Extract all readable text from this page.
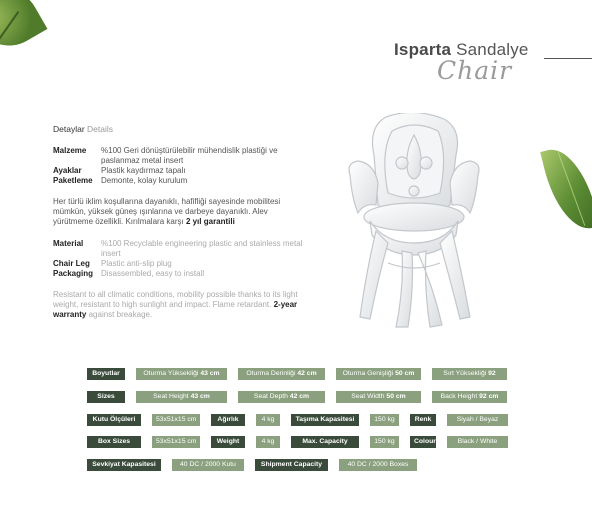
Isparta Sandalye
Chair
Detaylar Details
Malzeme	%100 Geri dönüştürülebilir mühendislik plastiği ve paslanmaz metal insert
Ayaklar	Plastik kaydırmaz tapalı
Paketleme	Demonte, kolay kurulum
Her türlü iklim koşullarına dayanıklı, hafifliği sayesinde mobilitesi mümkün, yüksek güneş ışınlarına ve darbeye dayanıklı. Alev yürütmeme özellikli. Kırılmalara karşı 2 yıl garantili
Material	%100 Recyclable engineering plastic and stainless metal insert
Chair Leg	Plastic anti-slip plug
Packaging Disassembled, easy to install
Resistant to all climatic conditions, mobility possible thanks to its light weight, resistant to high sunlight and impact. Flame retardant. 2-year warranty against breakage.
Boyutlar	Oturma Yüksekliği 43 cm	Oturma Derinliği 42 cm	Oturma Genişliği 50 cm	Sırt Yüksekliği 92
Sizes	Seat Height 43 cm	Seat Depth 42 cm	Seat Width 50 cm	Back Height 92 cm
Kutu Ölçüleri	53x51x15 cm	Ağırlık	4 kg	Taşıma Kapasitesi	150 kg	Renk	Siyah / Beyaz
Box Sizes	53x51x15 cm	Weight	4 kg	Max. Capacity	150 kg	Colour	Black / White
Sevkiyat Kapasitesi	40 DC / 2000 Kutu	Shipment Capacity	40 DC / 2000 Boxes
